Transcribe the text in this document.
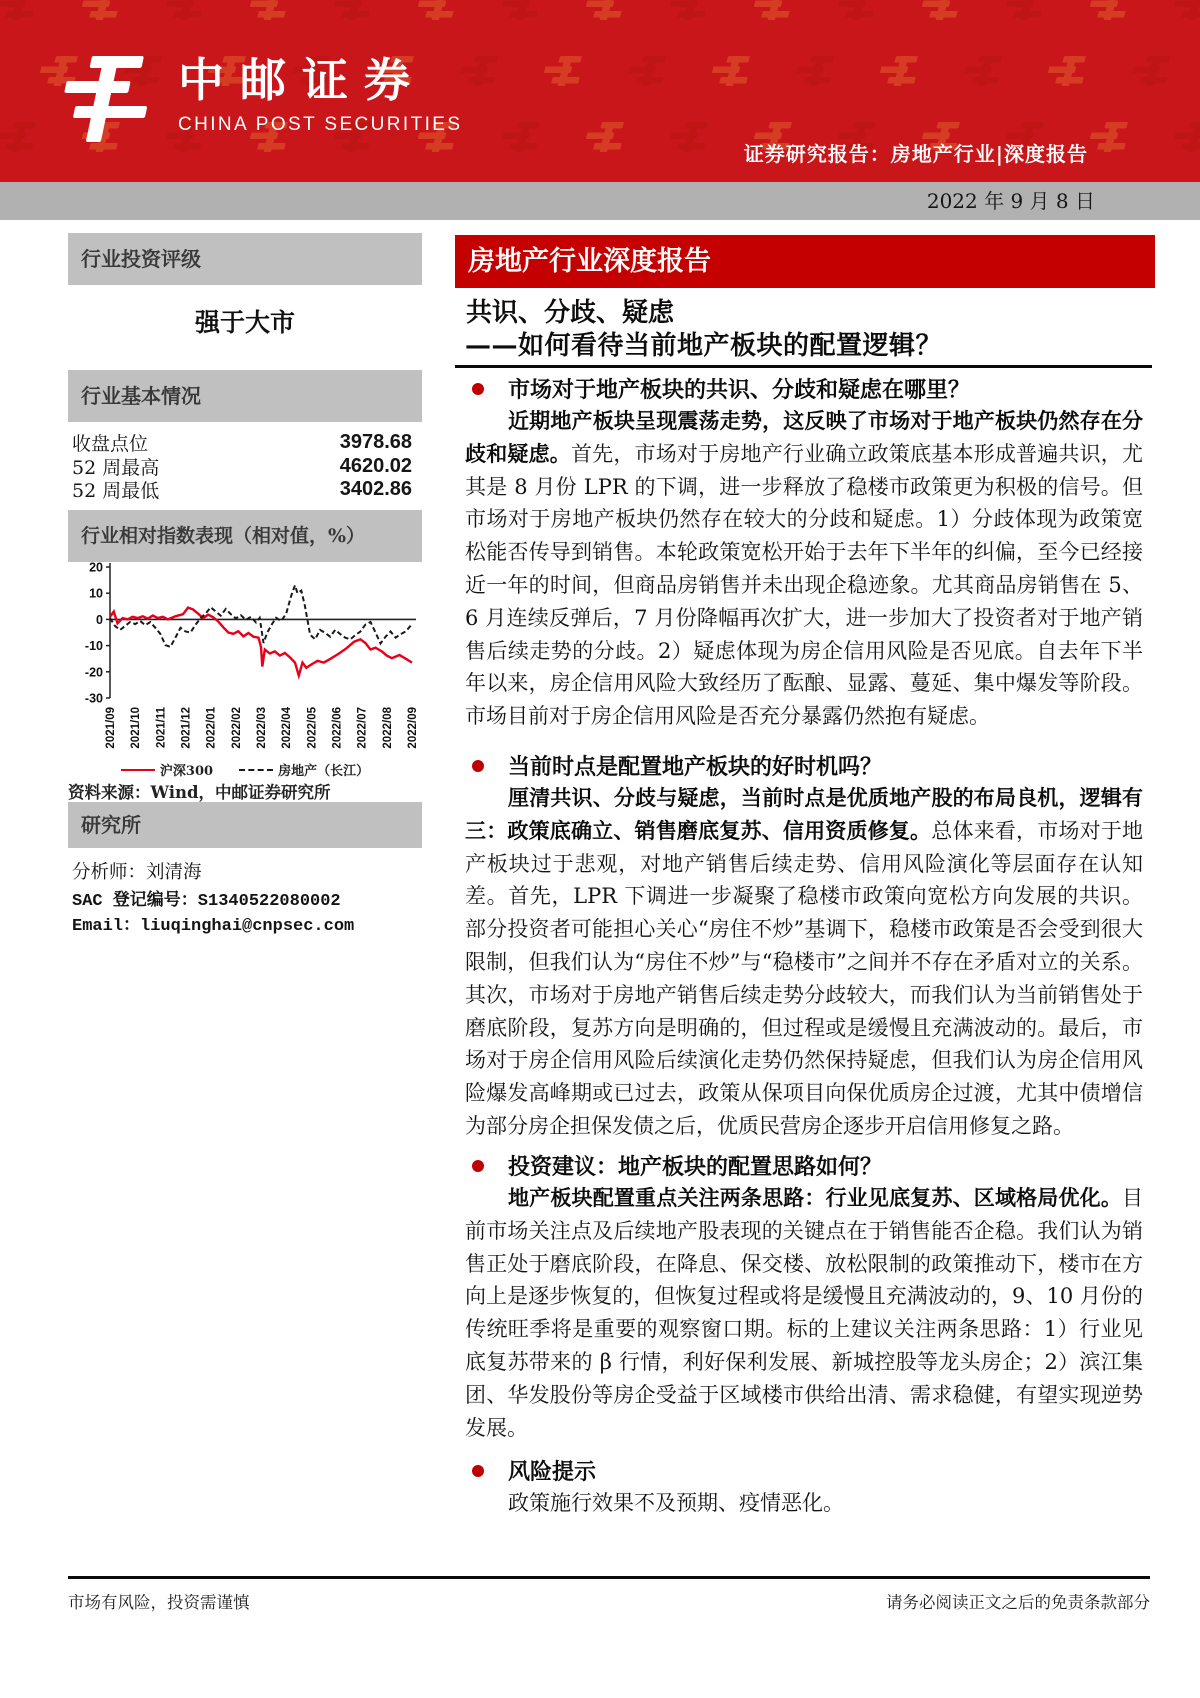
中邮证券
CHINA POST SECURITIES
证券研究报告：房地产行业|深度报告
2022 年 9 月 8 日
行业投资评级
强于大市
行业基本情况
收盘点位	3978.68
52 周最高	4620.02
52 周最低	3402.86
行业相对指数表现（相对值，%）
20
10
0
-10
-20
-30
2021/09 2021/10 2021/11 2021/12 2022/01 2022/02 2022/03 2022/04 2022/05 2022/06 2022/07 2022/08 2022/09
沪深300	房地产（长江）
资料来源：Wind，中邮证券研究所
研究所
分析师：刘清海
SAC 登记编号：S1340522080002
Email：liuqinghai@cnpsec.com
房地产行业深度报告
共识、分歧、疑虑
——如何看待当前地产板块的配置逻辑？
市场对于地产板块的共识、分歧和疑虑在哪里？

近期地产板块呈现震荡走势，这反映了市场对于地产板块仍然存在分歧和疑虑。首先，市场对于房地产行业确立政策底基本形成普遍共识，尤其是 8 月份 LPR 的下调，进一步释放了稳楼市政策更为积极的信号。但市场对于房地产板块仍然存在较大的分歧和疑虑。1）分歧体现为政策宽松能否传导到销售。本轮政策宽松开始于去年下半年的纠偏，至今已经接近一年的时间，但商品房销售并未出现企稳迹象。尤其商品房销售在 5、6 月连续反弹后，7 月份降幅再次扩大，进一步加大了投资者对于地产销售后续走势的分歧。2）疑虑体现为房企信用风险是否见底。自去年下半年以来，房企信用风险大致经历了酝酿、显露、蔓延、集中爆发等阶段。市场目前对于房企信用风险是否充分暴露仍然抱有疑虑。

当前时点是配置地产板块的好时机吗？

厘清共识、分歧与疑虑，当前时点是优质地产股的布局良机，逻辑有三：政策底确立、销售磨底复苏、信用资质修复。总体来看，市场对于地产板块过于悲观，对地产销售后续走势、信用风险演化等层面存在认知差。首先，LPR 下调进一步凝聚了稳楼市政策向宽松方向发展的共识。部分投资者可能担心关心“房住不炒”基调下，稳楼市政策是否会受到很大限制，但我们认为“房住不炒”与“稳楼市”之间并不存在矛盾对立的关系。其次，市场对于房地产销售后续走势分歧较大，而我们认为当前销售处于磨底阶段，复苏方向是明确的，但过程或是缓慢且充满波动的。最后，市场对于房企信用风险后续演化走势仍然保持疑虑，但我们认为房企信用风险爆发高峰期或已过去，政策从保项目向保优质房企过渡，尤其中债增信为部分房企担保发债之后，优质民营房企逐步开启信用修复之路。

投资建议：地产板块的配置思路如何？

地产板块配置重点关注两条思路：行业见底复苏、区域格局优化。目前市场关注点及后续地产股表现的关键点在于销售能否企稳。我们认为销售正处于磨底阶段，在降息、保交楼、放松限制的政策推动下，楼市在方向上是逐步恢复的，但恢复过程或将是缓慢且充满波动的，9、10 月份的传统旺季将是重要的观察窗口期。标的上建议关注两条思路：1）行业见底复苏带来的 β 行情，利好保利发展、新城控股等龙头房企；2）滨江集团、华发股份等房企受益于区域楼市供给出清、需求稳健，有望实现逆势发展。

风险提示

政策施行效果不及预期、疫情恶化。

市场有风险，投资需谨慎	请务必阅读正文之后的免责条款部分
